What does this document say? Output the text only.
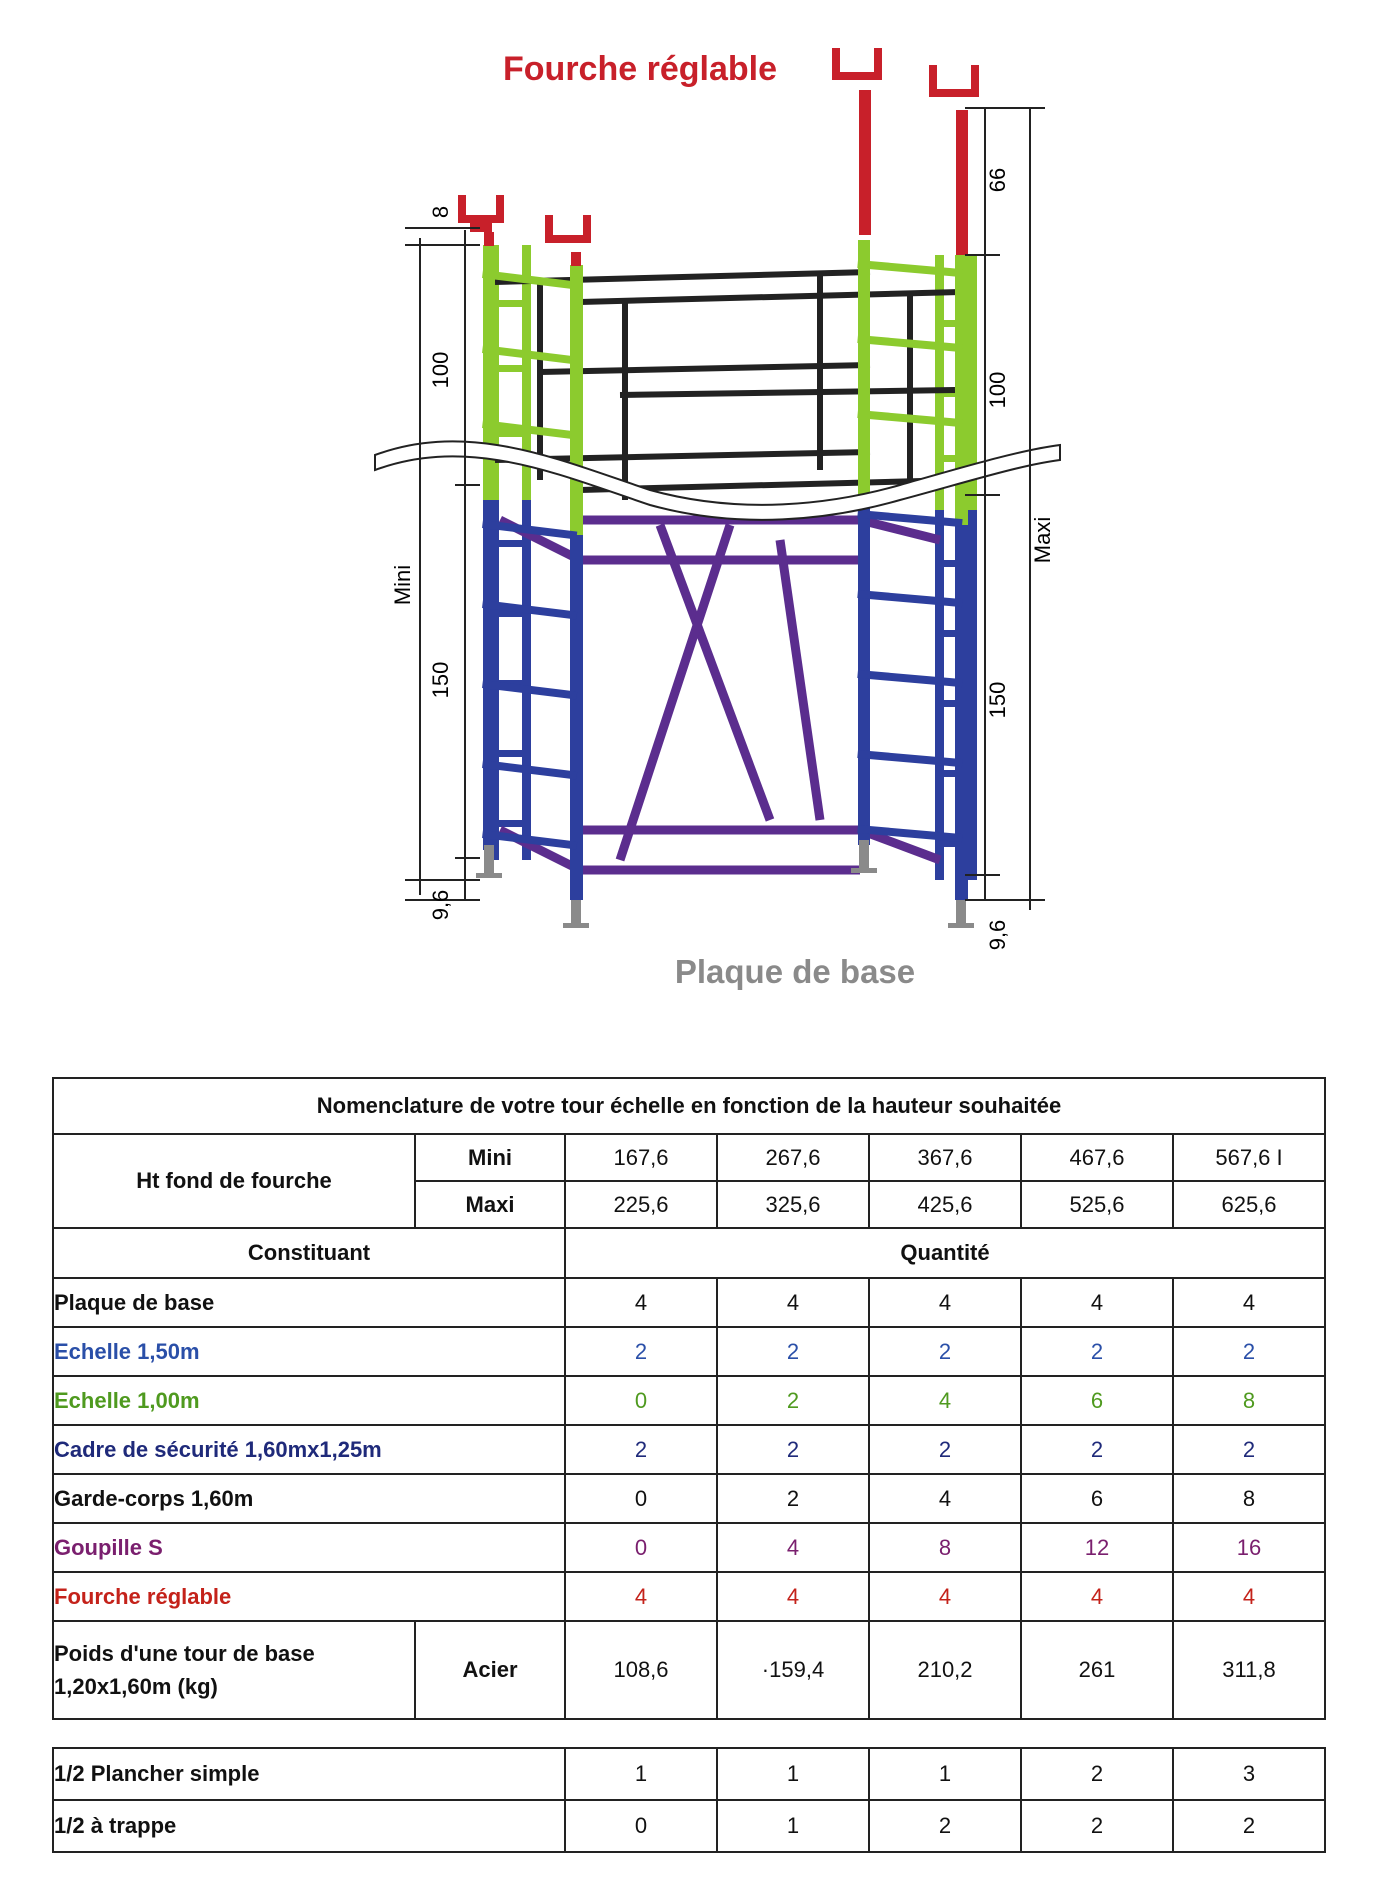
Fourche réglable
Plaque de base
8
100
150
Mini
9,6
66
100
150
Maxi
9,6
Nomenclature de votre tour échelle en fonction de la hauteur souhaitée						
Ht fond de fourche	Mini	167,6	267,6	367,6	467,6	567,6 I
	Maxi	225,6	325,6	425,6	525,6	625,6
Constituant		Quantité				
Plaque de base		4	4	4	4	4
Echelle 1,50m		2	2	2	2	2
Echelle 1,00m		0	2	4	6	8
Cadre de sécurité 1,60mx1,25m		2	2	2	2	2
Garde-corps 1,60m		0	2	4	6	8
Goupille S		0	4	8	12	16
Fourche réglable		4	4	4	4	4
Poids d'une tour de base
1,20x1,60m (kg)	Acier	108,6	·159,4	210,2	261	311,8
1/2 Plancher simple	1	1	1	2	3
1/2 à trappe	0	1	2	2	2
